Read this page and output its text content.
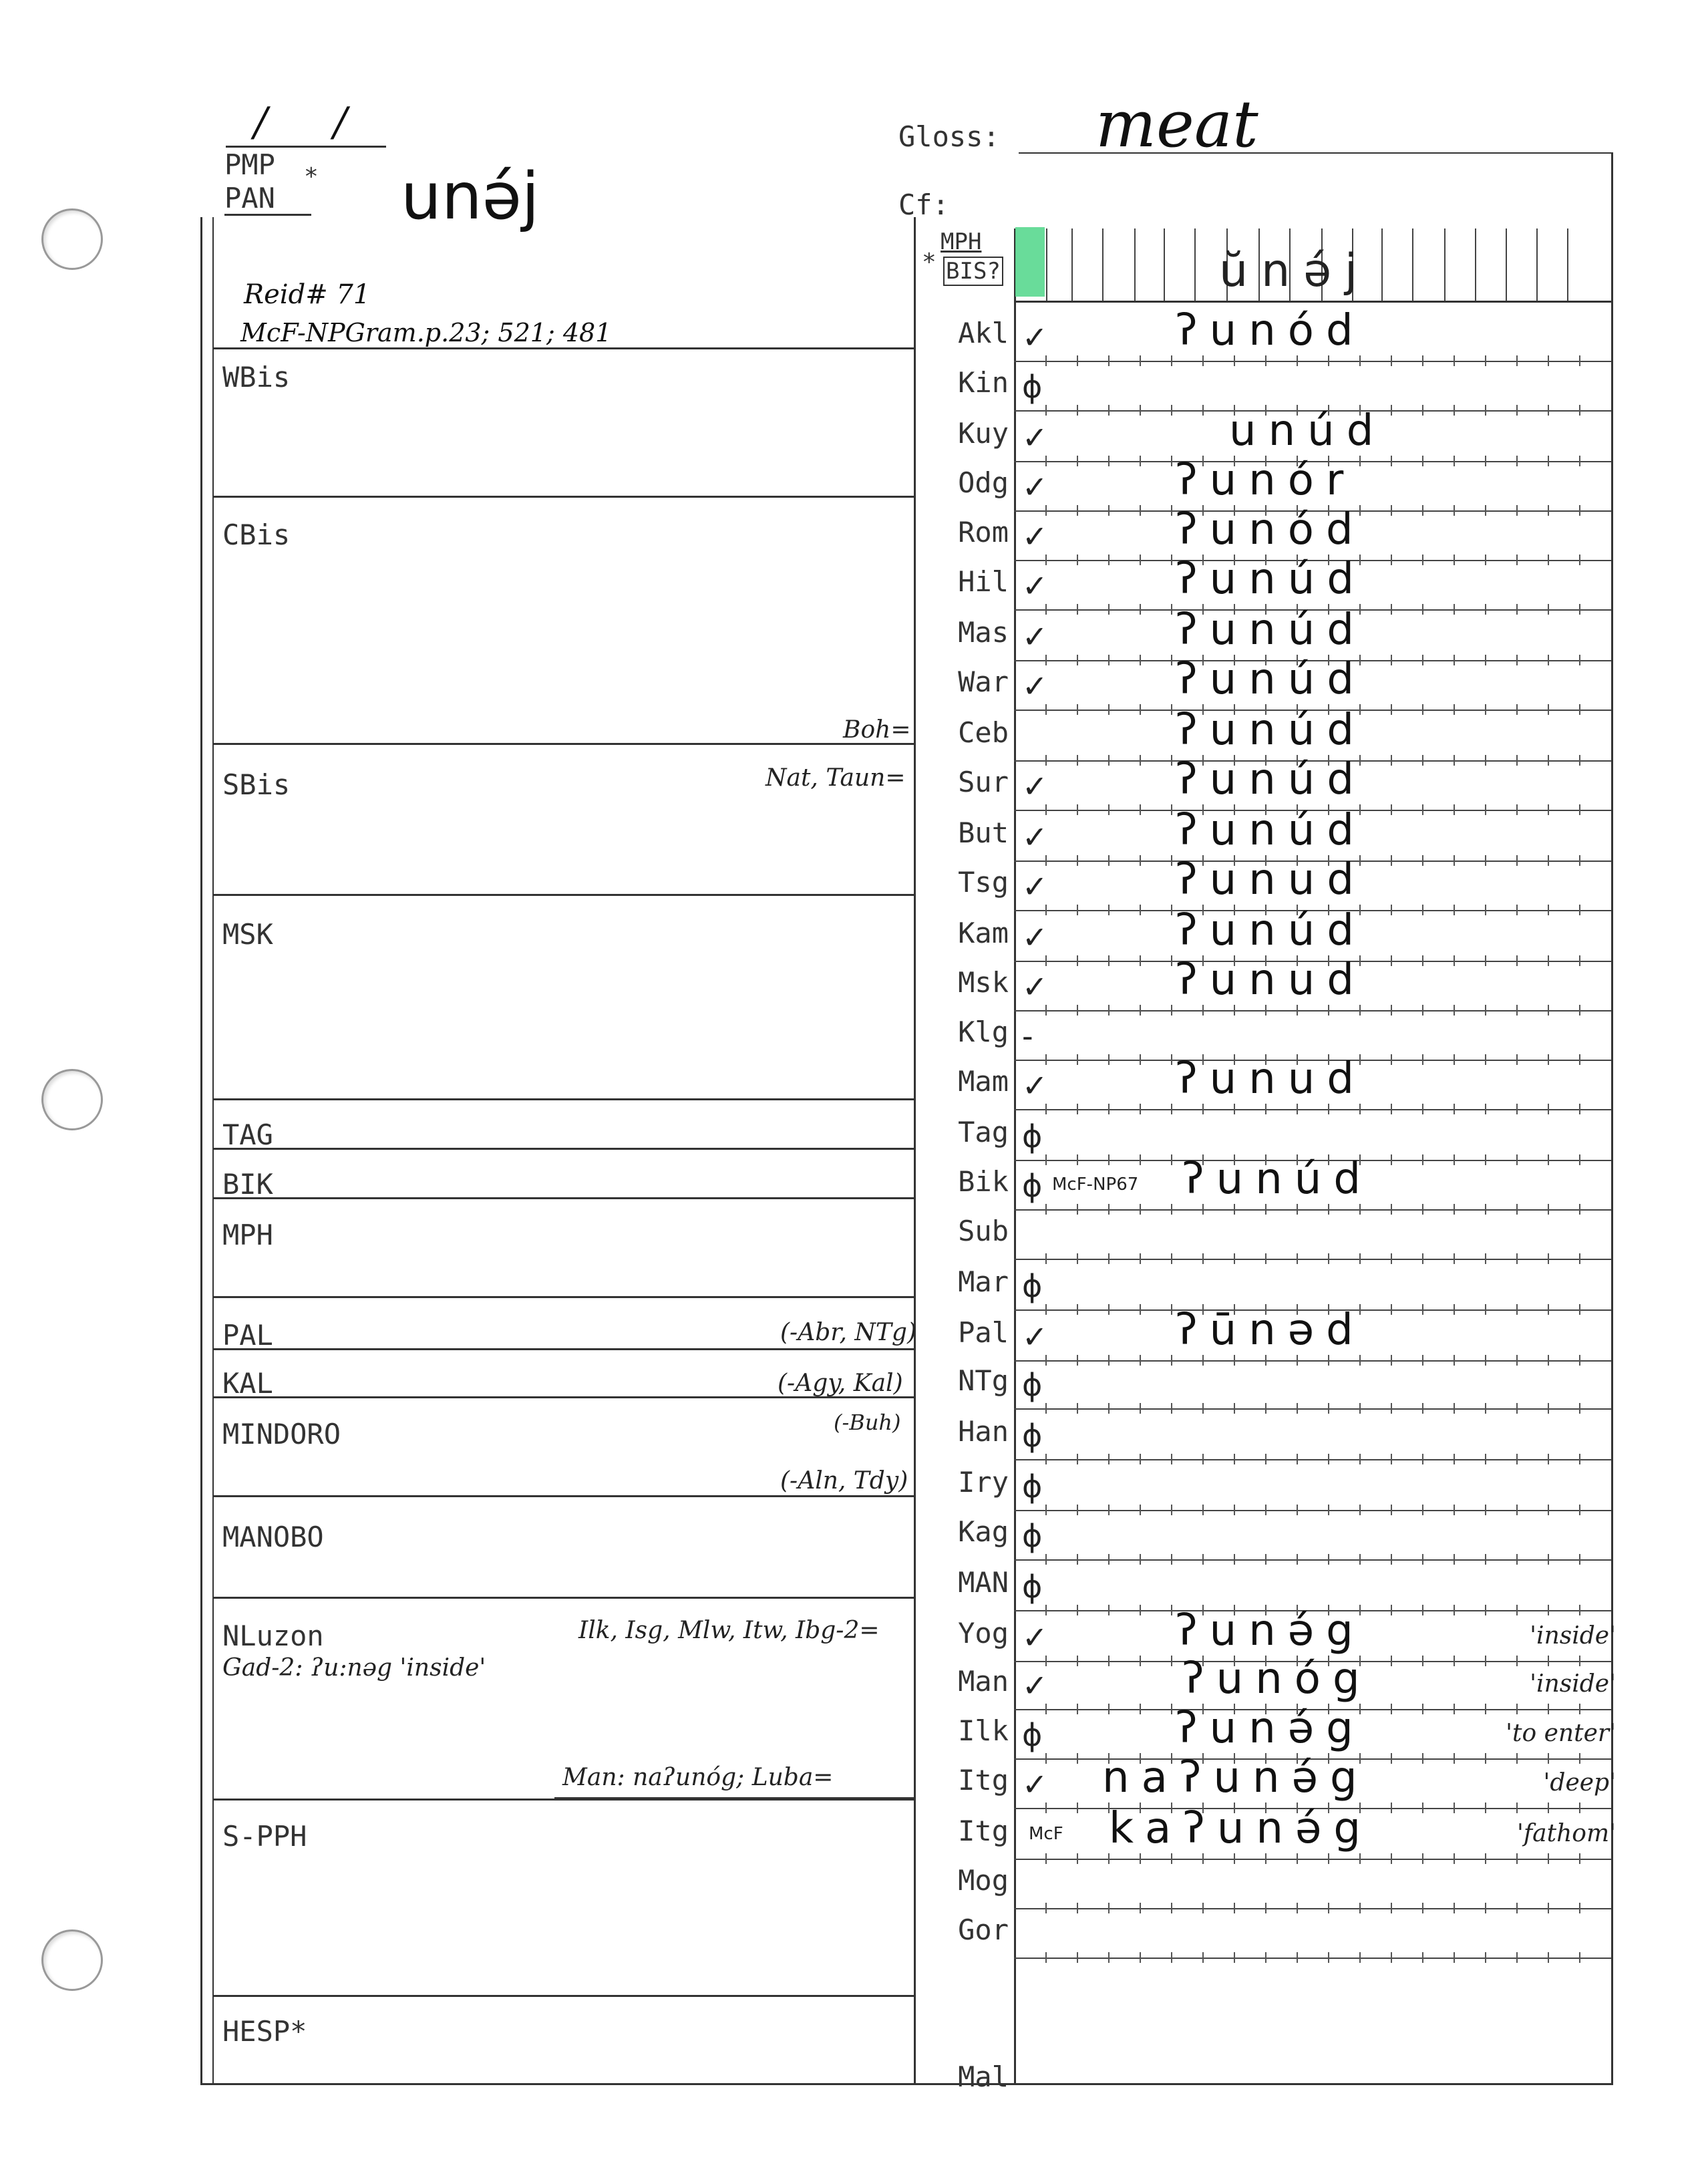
/ /
PMP *
PAN unə́j
Gloss: meat
Cf:
Reid# 71
McF-NPGram.p.23; 521; 481
WBis
CBis
SBis
MSK
TAG
BIK
MPH
PAL
KAL
MINDORO
MANOBO
NLuzon
S-PPH
HESP*
(-Abr, NTg)
(-Agy, Kal)
(-Buh)
Gad-2: ʔu:nəg 'inside'
Boh=
Nat, Taun=
(-Aln, Tdy)
Ilk, Isg, Mlw, Itw, Ibg-2=
Man: naʔunóg; Luba=
*
MPH
BIS?	ŭnə́j
Akl ✓	ʔunód
Kin ϕ
Kuy ✓	unúd
Odg ✓	ʔunór
Rom ✓	ʔunód
Hil ✓	ʔunúd
Mas ✓	ʔunúd
War ✓	ʔunúd
Ceb	ʔunúd
Sur ✓	ʔunúd
But ✓	ʔunúd
Tsg ✓	ʔunud
Kam ✓	ʔunúd
Msk ✓	ʔunud
Klg -
Mam ✓	ʔunud
Tag ϕ
Bik ϕ McF-NP67 ʔunúd
Sub
Mar ϕ
Pal ✓	ʔūnəd
NTg ϕ
Han ϕ
Iry ϕ
Kag ϕ
MAN ϕ
Yog ✓	ʔunə́g	'inside'
Man ✓	ʔunóg	'inside'
Ilk ϕ	ʔunə́g	'to enter'
Itg ✓ naʔunə́g	'deep'
Itg McF kaʔunə́g	'fathom'
Mog
Gor
Mal
